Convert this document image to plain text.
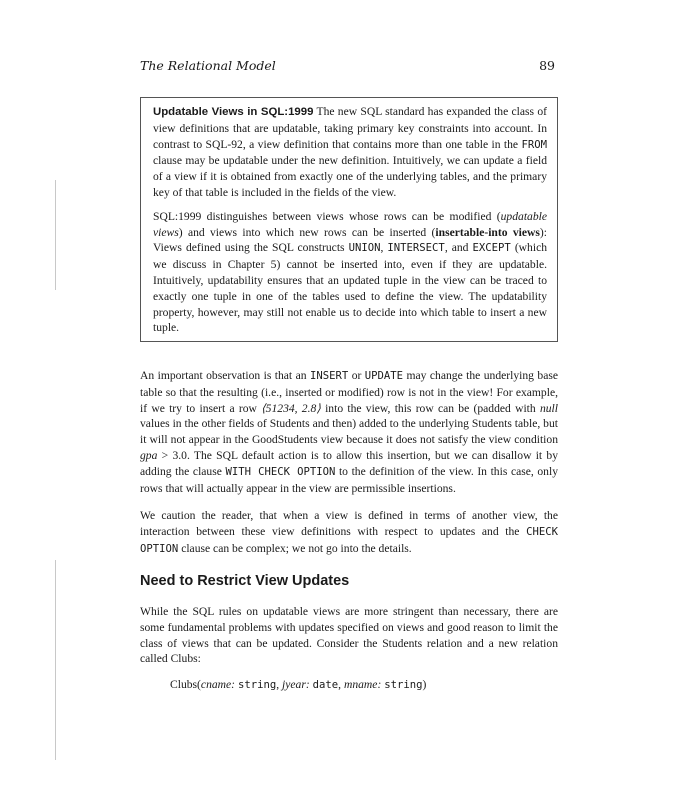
The Relational Model	89

Updatable Views in SQL:1999 The new SQL standard has expanded the class of view definitions that are updatable, taking primary key constraints into account. In contrast to SQL-92, a view definition that contains more than one table in the FROM clause may be updatable under the new definition. Intuitively, we can update a field of a view if it is obtained from exactly one of the underlying tables, and the primary key of that table is included in the fields of the view.

SQL:1999 distinguishes between views whose rows can be modified (updatable views) and views into which new rows can be inserted (insertable-into views): Views defined using the SQL constructs UNION, INTERSECT, and EXCEPT (which we discuss in Chapter 5) cannot be inserted into, even if they are updatable. Intuitively, updatability ensures that an updated tuple in the view can be traced to exactly one tuple in one of the tables used to define the view. The updatability property, however, may still not enable us to decide into which table to insert a new tuple.

An important observation is that an INSERT or UPDATE may change the underlying base table so that the resulting (i.e., inserted or modified) row is not in the view! For example, if we try to insert a row ⟨51234, 2.8⟩ into the view, this row can be (padded with null values in the other fields of Students and then) added to the underlying Students table, but it will not appear in the GoodStudents view because it does not satisfy the view condition gpa > 3.0. The SQL default action is to allow this insertion, but we can disallow it by adding the clause WITH CHECK OPTION to the definition of the view. In this case, only rows that will actually appear in the view are permissible insertions.

We caution the reader, that when a view is defined in terms of another view, the interaction between these view definitions with respect to updates and the CHECK OPTION clause can be complex; we not go into the details.

Need to Restrict View Updates

While the SQL rules on updatable views are more stringent than necessary, there are some fundamental problems with updates specified on views and good reason to limit the class of views that can be updated. Consider the Students relation and a new relation called Clubs:

Clubs(cname: string, jyear: date, mname: string)
